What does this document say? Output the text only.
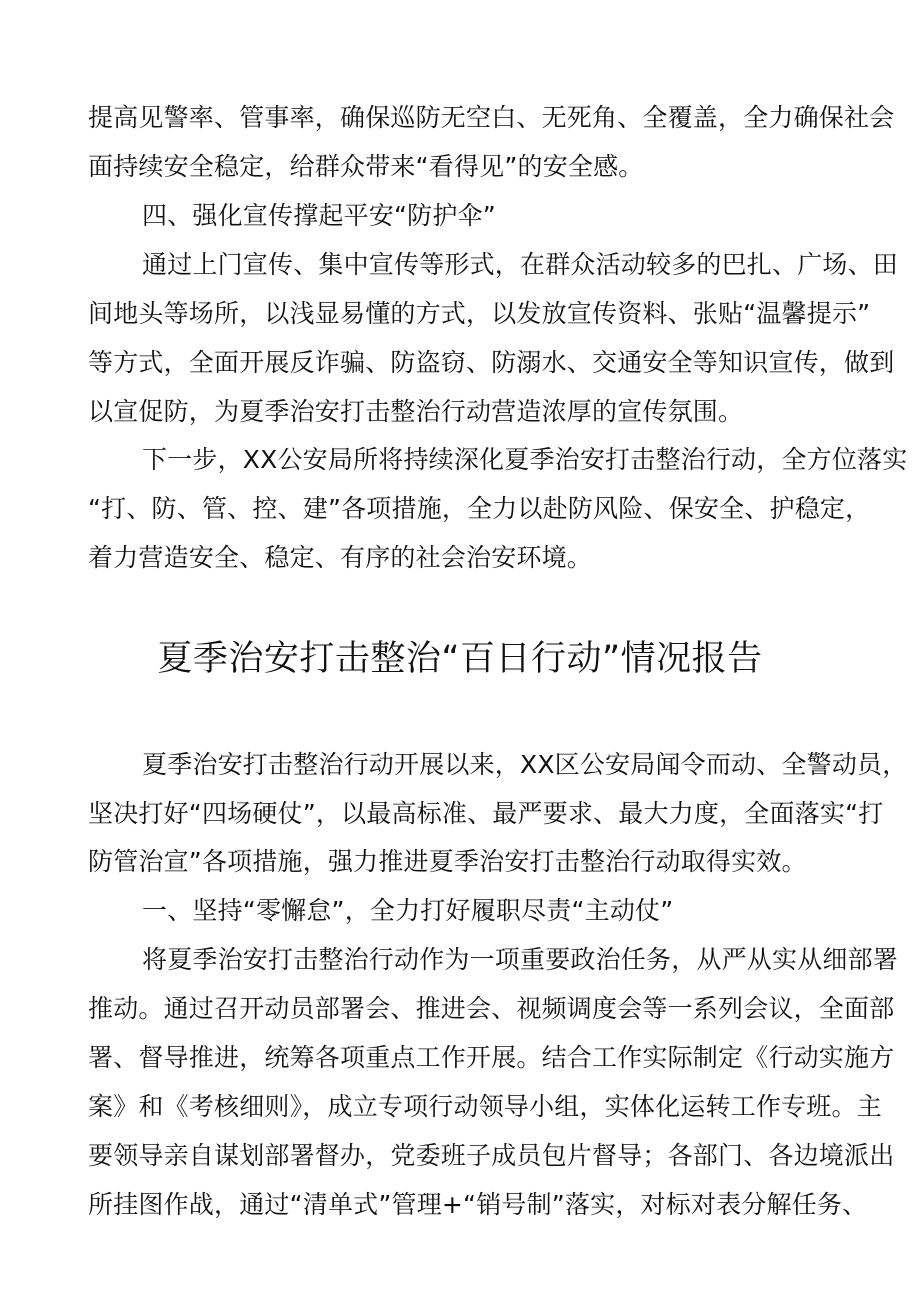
提高见警率、管事率，确保巡防无空白、无死角、全覆盖，全力确保社会
面持续安全稳定，给群众带来“看得见”的安全感。
四、强化宣传撑起平安“防护伞”
通过上门宣传、集中宣传等形式，在群众活动较多的巴扎、广场、田
间地头等场所，以浅显易懂的方式，以发放宣传资料、张贴“温馨提示”
等方式，全面开展反诈骗、防盗窃、防溺水、交通安全等知识宣传，做到
以宣促防，为夏季治安打击整治行动营造浓厚的宣传氛围。
下一步，XX公安局所将持续深化夏季治安打击整治行动，全方位落实
“打、防、管、控、建”各项措施，全力以赴防风险、保安全、护稳定，
着力营造安全、稳定、有序的社会治安环境。
夏季治安打击整治“百日行动”情况报告
夏季治安打击整治行动开展以来，XX区公安局闻令而动、全警动员，
坚决打好“四场硬仗”，以最高标准、最严要求、最大力度，全面落实“打
防管治宣”各项措施，强力推进夏季治安打击整治行动取得实效。
一、坚持“零懈怠”，全力打好履职尽责“主动仗”
将夏季治安打击整治行动作为一项重要政治任务，从严从实从细部署
推动。通过召开动员部署会、推进会、视频调度会等一系列会议，全面部
署、督导推进，统筹各项重点工作开展。结合工作实际制定《行动实施方
案》和《考核细则》，成立专项行动领导小组，实体化运转工作专班。主
要领导亲自谋划部署督办，党委班子成员包片督导；各部门、各边境派出
所挂图作战，通过“清单式”管理+“销号制”落实，对标对表分解任务、
